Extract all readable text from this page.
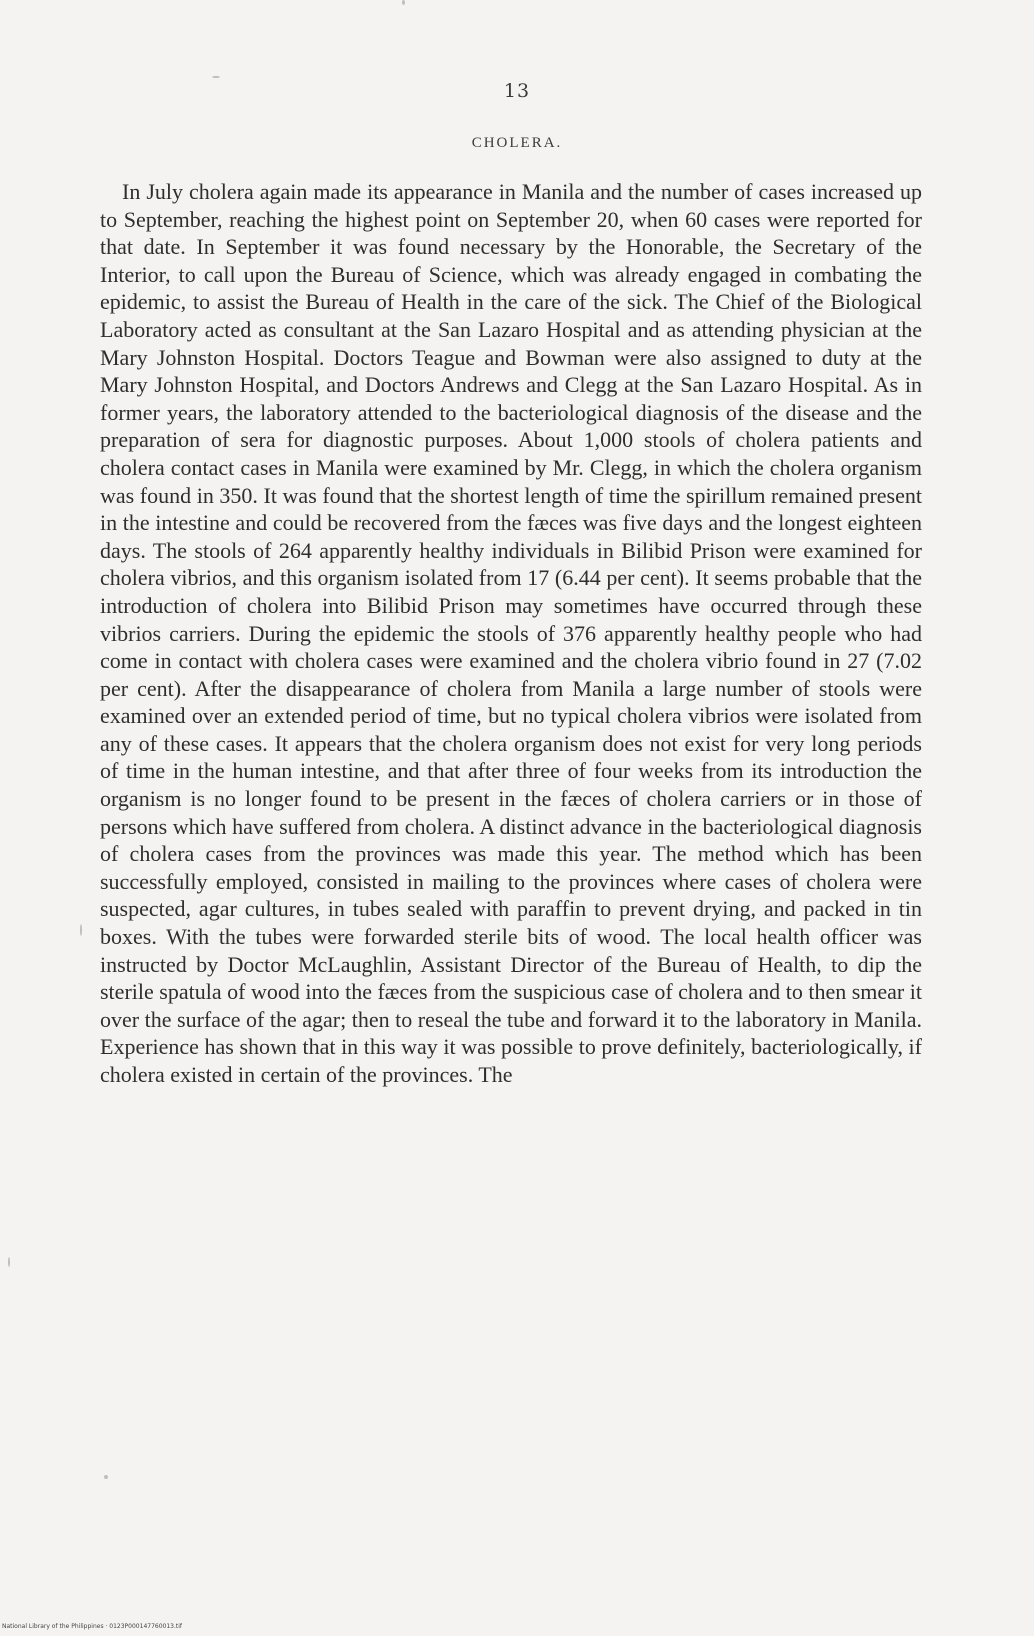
13
CHOLERA.

In July cholera again made its appearance in Manila and the number of cases increased up to September, reaching the highest point on September 20, when 60 cases were reported for that date. In September it was found necessary by the Honorable, the Secretary of the Interior, to call upon the Bureau of Science, which was already engaged in combating the epidemic, to assist the Bureau of Health in the care of the sick. The Chief of the Biological Laboratory acted as consultant at the San Lazaro Hospital and as attending physician at the Mary Johnston Hospital. Doctors Teague and Bowman were also assigned to duty at the Mary Johnston Hospital, and Doctors Andrews and Clegg at the San Lazaro Hospital. As in former years, the laboratory attended to the bacteriological diagnosis of the disease and the preparation of sera for diagnostic purposes. About 1,000 stools of cholera patients and cholera contact cases in Manila were examined by Mr. Clegg, in which the cholera organism was found in 350. It was found that the shortest length of time the spirillum remained present in the intestine and could be recovered from the fæces was five days and the longest eighteen days. The stools of 264 apparently healthy individuals in Bilibid Prison were examined for cholera vibrios, and this organism isolated from 17 (6.44 per cent). It seems probable that the introduction of cholera into Bilibid Prison may sometimes have occurred through these vibrios carriers. During the epidemic the stools of 376 apparently healthy people who had come in contact with cholera cases were examined and the cholera vibrio found in 27 (7.02 per cent). After the disappearance of cholera from Manila a large number of stools were examined over an extended period of time, but no typical cholera vibrios were isolated from any of these cases. It appears that the cholera organism does not exist for very long periods of time in the human intestine, and that after three of four weeks from its introduction the organism is no longer found to be present in the fæces of cholera carriers or in those of persons which have suffered from cholera. A distinct advance in the bacteriological diagnosis of cholera cases from the provinces was made this year. The method which has been successfully employed, consisted in mailing to the provinces where cases of cholera were suspected, agar cultures, in tubes sealed with paraffin to prevent drying, and packed in tin boxes. With the tubes were forwarded sterile bits of wood. The local health officer was instructed by Doctor McLaughlin, Assistant Director of the Bureau of Health, to dip the sterile spatula of wood into the fæces from the suspicious case of cholera and to then smear it over the surface of the agar; then to reseal the tube and forward it to the laboratory in Manila. Experience has shown that in this way it was possible to prove definitely, bacteriologically, if cholera existed in certain of the provinces. The

National Library of the Philippines · 0123P000147760013.tif
